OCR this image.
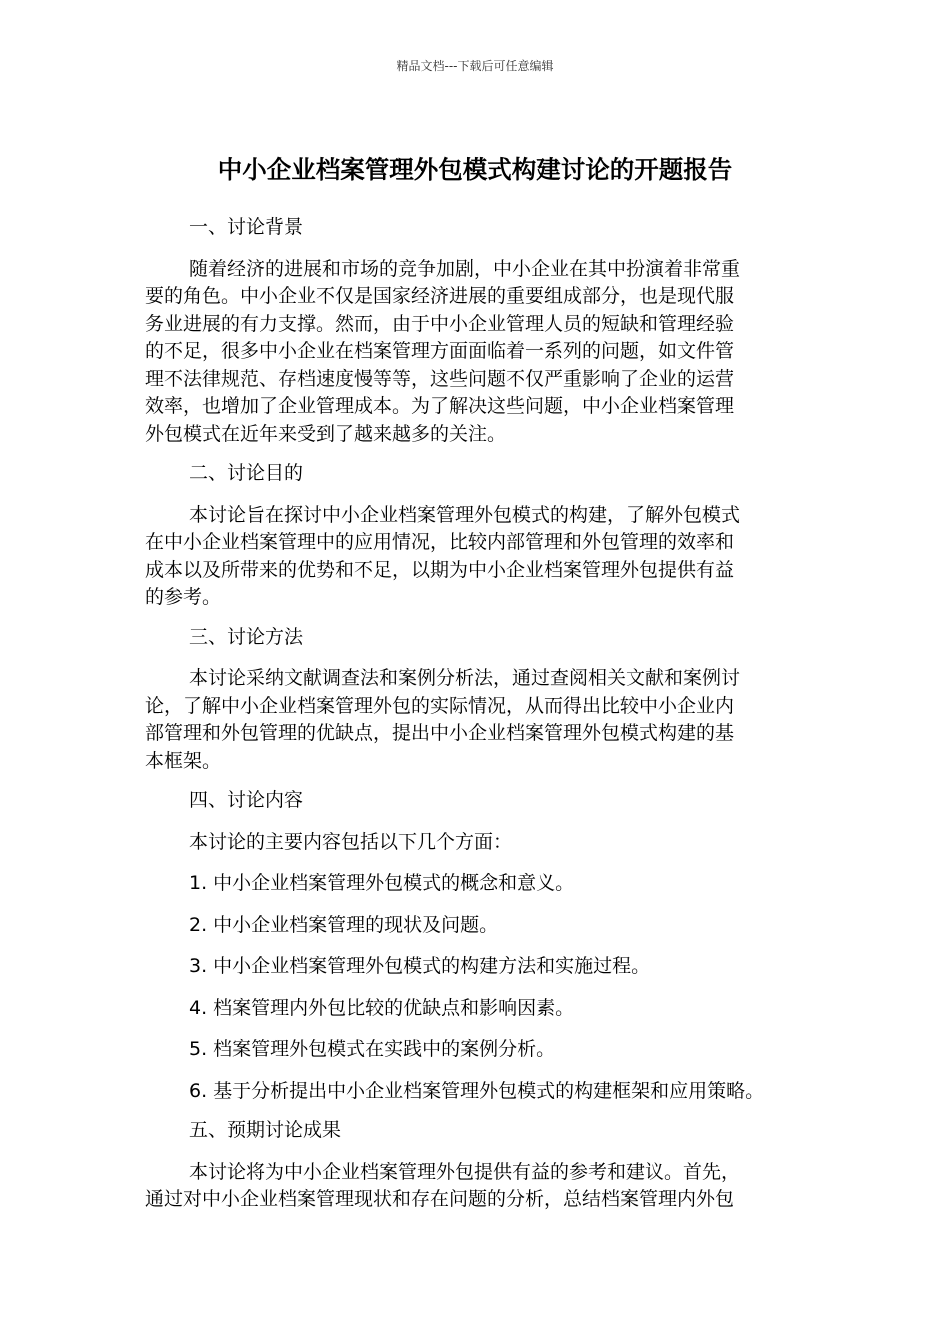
精品文档---下载后可任意编辑
中小企业档案管理外包模式构建讨论的开题报告

一、讨论背景

随着经济的进展和市场的竞争加剧，中小企业在其中扮演着非常重
要的角色。中小企业不仅是国家经济进展的重要组成部分，也是现代服
务业进展的有力支撑。然而，由于中小企业管理人员的短缺和管理经验
的不足，很多中小企业在档案管理方面面临着一系列的问题，如文件管
理不法律规范、存档速度慢等等，这些问题不仅严重影响了企业的运营
效率，也增加了企业管理成本。为了解决这些问题，中小企业档案管理
外包模式在近年来受到了越来越多的关注。

二、讨论目的

本讨论旨在探讨中小企业档案管理外包模式的构建，了解外包模式
在中小企业档案管理中的应用情况，比较内部管理和外包管理的效率和
成本以及所带来的优势和不足，以期为中小企业档案管理外包提供有益
的参考。

三、讨论方法

本讨论采纳文献调查法和案例分析法，通过查阅相关文献和案例讨
论，了解中小企业档案管理外包的实际情况，从而得出比较中小企业内
部管理和外包管理的优缺点，提出中小企业档案管理外包模式构建的基
本框架。

四、讨论内容

本讨论的主要内容包括以下几个方面：

1. 中小企业档案管理外包模式的概念和意义。

2. 中小企业档案管理的现状及问题。

3. 中小企业档案管理外包模式的构建方法和实施过程。

4. 档案管理内外包比较的优缺点和影响因素。

5. 档案管理外包模式在实践中的案例分析。

6. 基于分析提出中小企业档案管理外包模式的构建框架和应用策略。

五、预期讨论成果

本讨论将为中小企业档案管理外包提供有益的参考和建议。首先，
通过对中小企业档案管理现状和存在问题的分析，总结档案管理内外包
